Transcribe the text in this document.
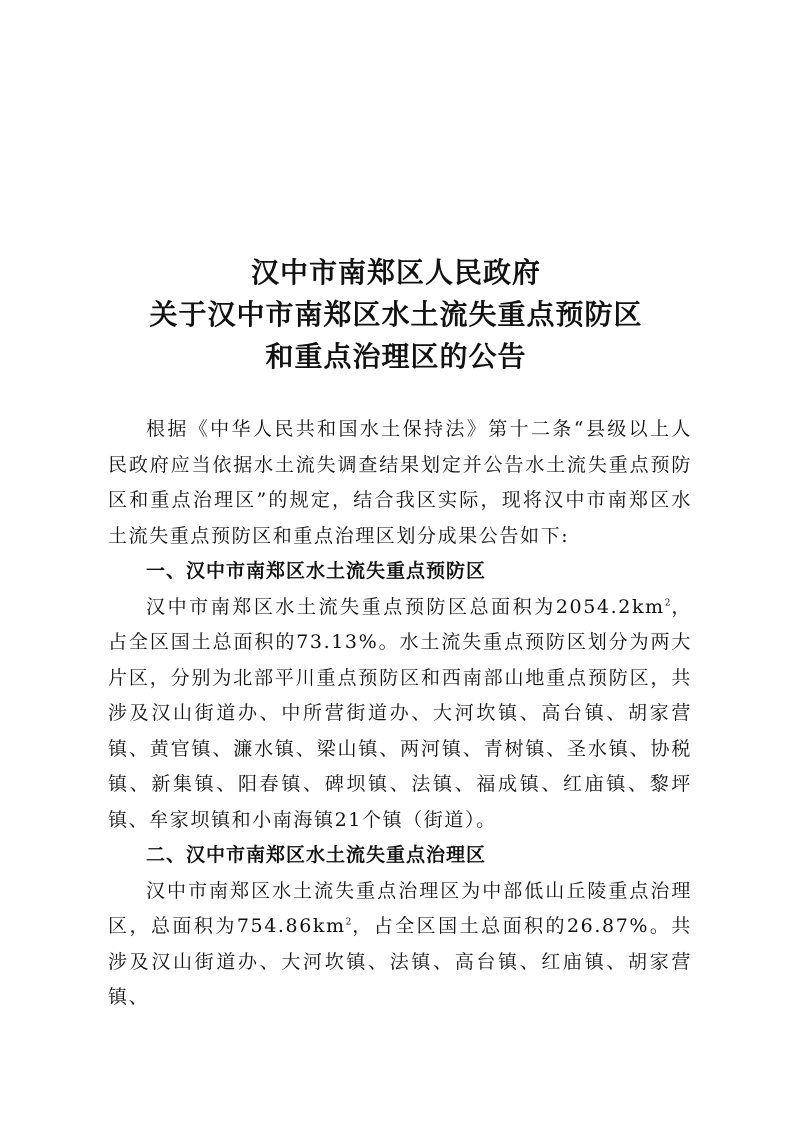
汉中市南郑区人民政府
关于汉中市南郑区水土流失重点预防区
和重点治理区的公告

根据《中华人民共和国水土保持法》第十二条“县级以上人民政府应当依据水土流失调查结果划定并公告水土流失重点预防区和重点治理区”的规定，结合我区实际，现将汉中市南郑区水土流失重点预防区和重点治理区划分成果公告如下:

一、汉中市南郑区水土流失重点预防区

汉中市南郑区水土流失重点预防区总面积为$2054.2km^2$，占全区国土总面积的73.13%。水土流失重点预防区划分为两大片区，分别为北部平川重点预防区和西南部山地重点预防区，共涉及汉山街道办、中所营街道办、大河坎镇、高台镇、胡家营镇、黄官镇、濂水镇、梁山镇、两河镇、青树镇、圣水镇、协税镇、新集镇、阳春镇、碑坝镇、法镇、福成镇、红庙镇、黎坪镇、牟家坝镇和小南海镇21个镇（街道）。

二、汉中市南郑区水土流失重点治理区

汉中市南郑区水土流失重点治理区为中部低山丘陵重点治理区，总面积为$754.86km^2$，占全区国土总面积的26.87%。共涉及汉山街道办、大河坎镇、法镇、高台镇、红庙镇、胡家营镇、
